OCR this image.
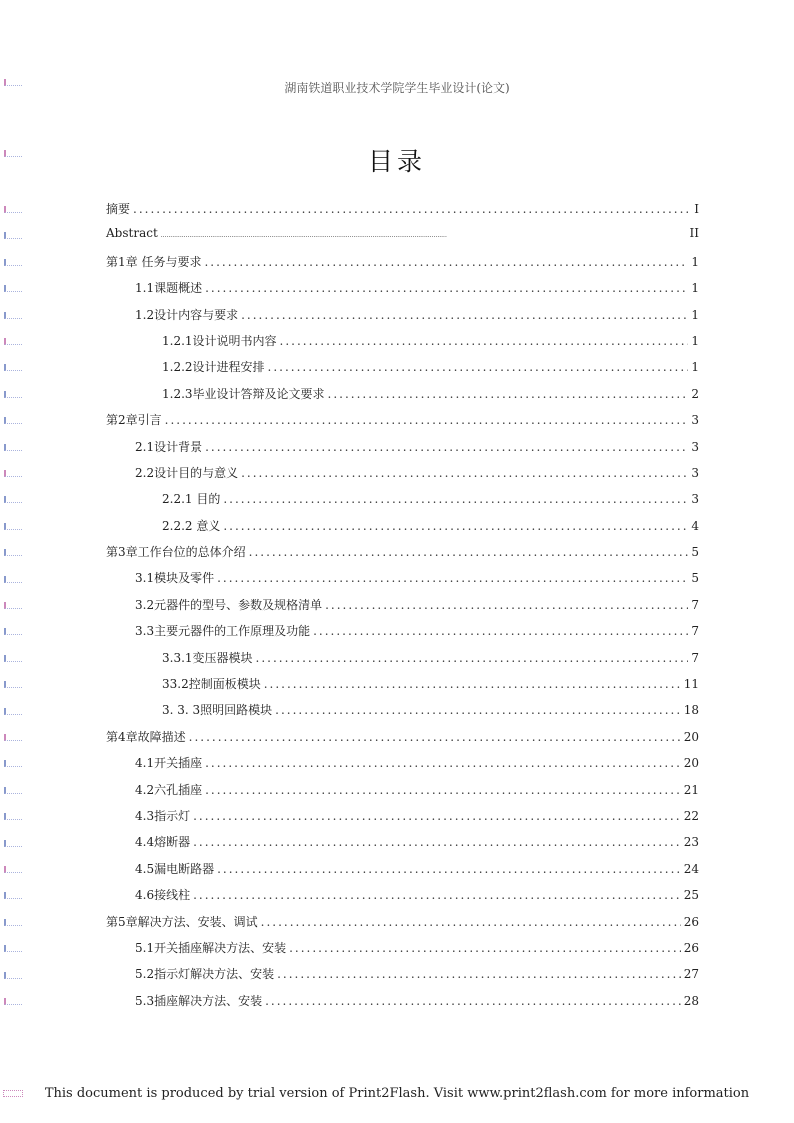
湖南铁道职业技术学院学生毕业设计(论文)
目录
摘要 .....	I
Abstract .....	II
第1章 任务与要求 .....	1
1.1课题概述 .....	1
1.2设计内容与要求 .....	1
1.2.1设计说明书内容 .....	1
1.2.2设计进程安排 .....	1
1.2.3毕业设计答辩及论文要求 .....	2
第2章引言 .....	3
2.1设计背景 .....	3
2.2设计目的与意义 .....	3
2.2.1 目的 .....	3
2.2.2 意义 .....	4
第3章工作台位的总体介绍 .....	5
3.1模块及零件 .....	5
3.2元器件的型号、参数及规格清单 .....	7
3.3主要元器件的工作原理及功能 .....	7
3.3.1变压器模块 .....	7
33.2控制面板模块 .....	11
3. 3. 3照明回路模块 .....	18
第4章故障描述 .....	20
4.1开关插座 .....	20
4.2六孔插座 .....	21
4.3指示灯 .....	22
4.4熔断器 .....	23
4.5漏电断路器 .....	24
4.6接线柱 .....	25
第5章解决方法、安装、调试 .....	26
5.1开关插座解决方法、安装 .....	26
5.2指示灯解决方法、安装 .....	27
5.3插座解决方法、安装 .....	28
This document is produced by trial version of Print2Flash. Visit www.print2flash.com for more information
